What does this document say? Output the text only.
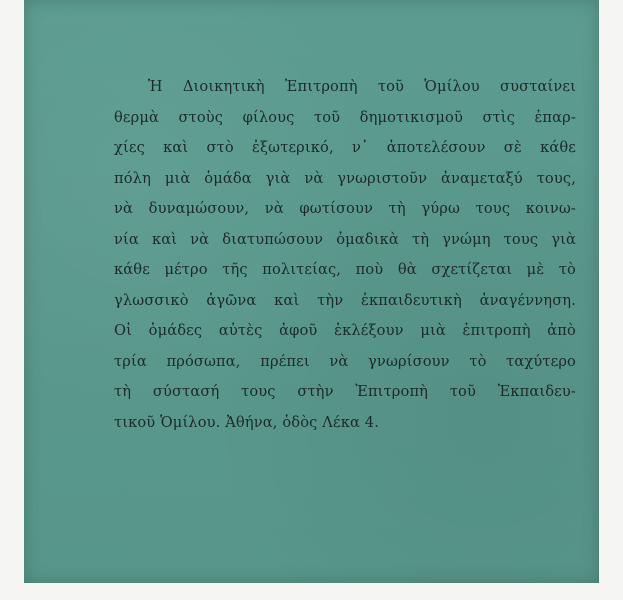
Ἡ Διοικητικὴ Ἐπιτροπὴ τοῦ Ὁμίλου συσταίνει
θερμὰ στοὺς φίλους τοῦ δημοτικισμοῦ στὶς ἐπαρ-
χίες καὶ στὸ ἐξωτερικό, ν᾽ ἀποτελέσουν σὲ κάθε
πόλη μιὰ ὁμάδα γιὰ νὰ γνωριστοῦν ἀναμεταξύ τους,
νὰ δυναμώσουν, νὰ φωτίσουν τὴ γύρω τους κοινω-
νία καὶ νὰ διατυπώσουν ὁμαδικὰ τὴ γνώμη τους γιὰ
κάθε μέτρο τῆς πολιτείας, ποὺ θὰ σχετίζεται μὲ τὸ
γλωσσικὸ ἀγῶνα καὶ τὴν ἐκπαιδευτικὴ ἀναγέννηση.
Οἱ ὁμάδες αὐτὲς ἀφοῦ ἐκλέξουν μιὰ ἐπιτροπὴ ἀπὸ
τρία πρόσωπα, πρέπει νὰ γνωρίσουν τὸ ταχύτερο
τὴ σύστασή τους στὴν Ἐπιτροπὴ τοῦ Ἐκπαιδευ-
τικοῦ Ὁμίλου. Ἀθήνα, ὁδὸς Λέκα 4.
